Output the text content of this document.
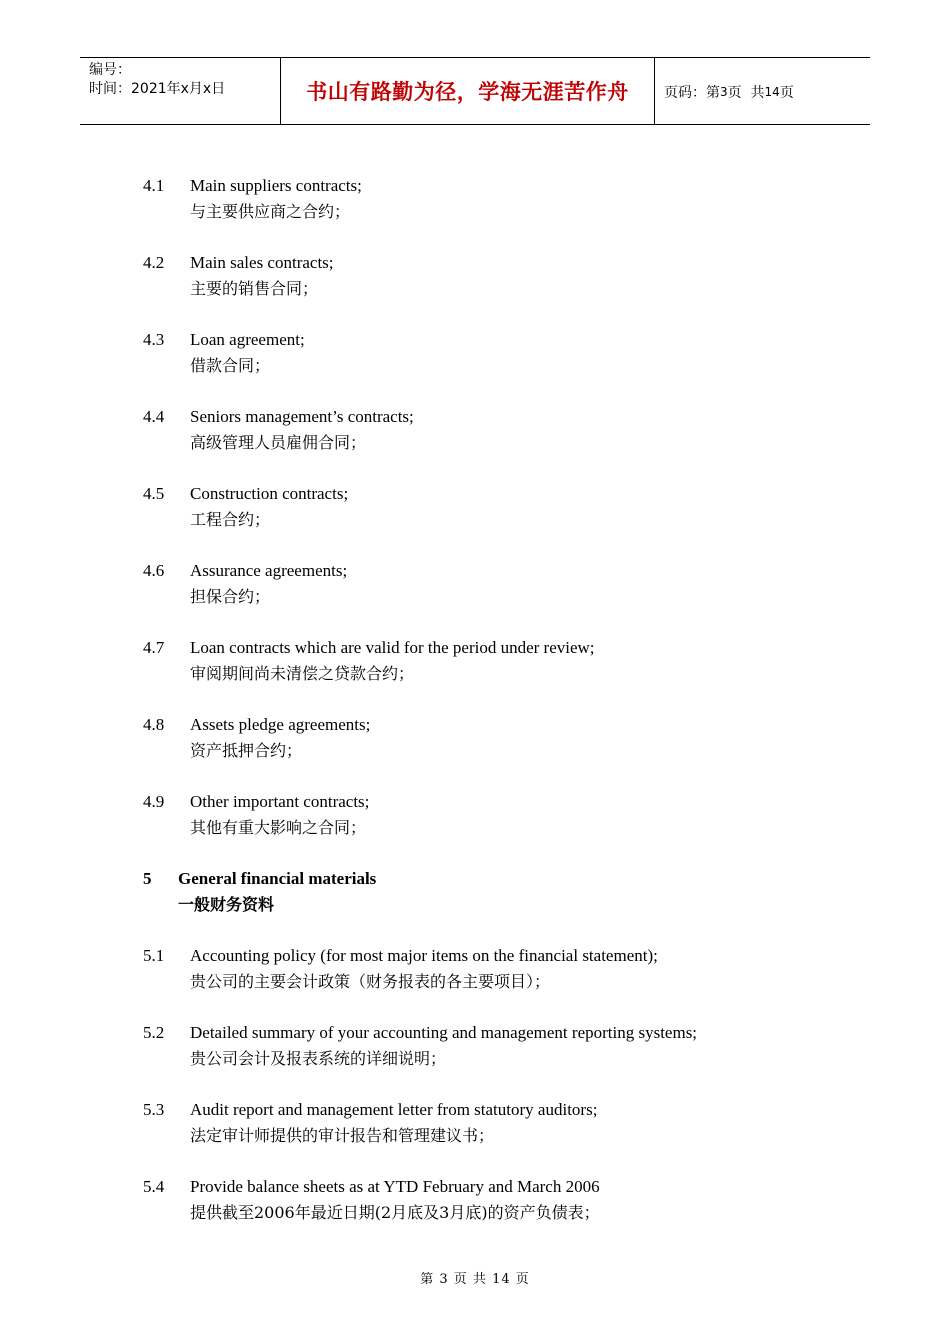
编号：
时间：2021年x月x日	书山有路勤为径，学海无涯苦作舟	页码：第 3 页  共 14 页
4.1	Main suppliers contracts;
与主要供应商之合约；
4.2	Main sales contracts;
主要的销售合同；
4.3	Loan agreement;
借款合同；
4.4	Seniors management’s contracts;
高级管理人员雇佣合同；
4.5	Construction contracts;
工程合约；
4.6	Assurance agreements;
担保合约；
4.7	Loan contracts which are valid for the period under review;
审阅期间尚未清偿之贷款合约；
4.8	Assets pledge agreements;
资产抵押合约；
4.9	Other important contracts;
其他有重大影响之合同；
5	General financial materials
一般财务资料
5.1	Accounting policy (for most major items on the financial statement);
贵公司的主要会计政策（财务报表的各主要项目）；
5.2	Detailed summary of your accounting and management reporting systems;
贵公司会计及报表系统的详细说明；
5.3	Audit report and management letter from statutory auditors;
法定审计师提供的审计报告和管理建议书；
5.4	Provide balance sheets as at YTD February and March 2006
提供截至2006年最近日期(2月底及3月底)的资产负债表；
第 3 页 共 14 页
